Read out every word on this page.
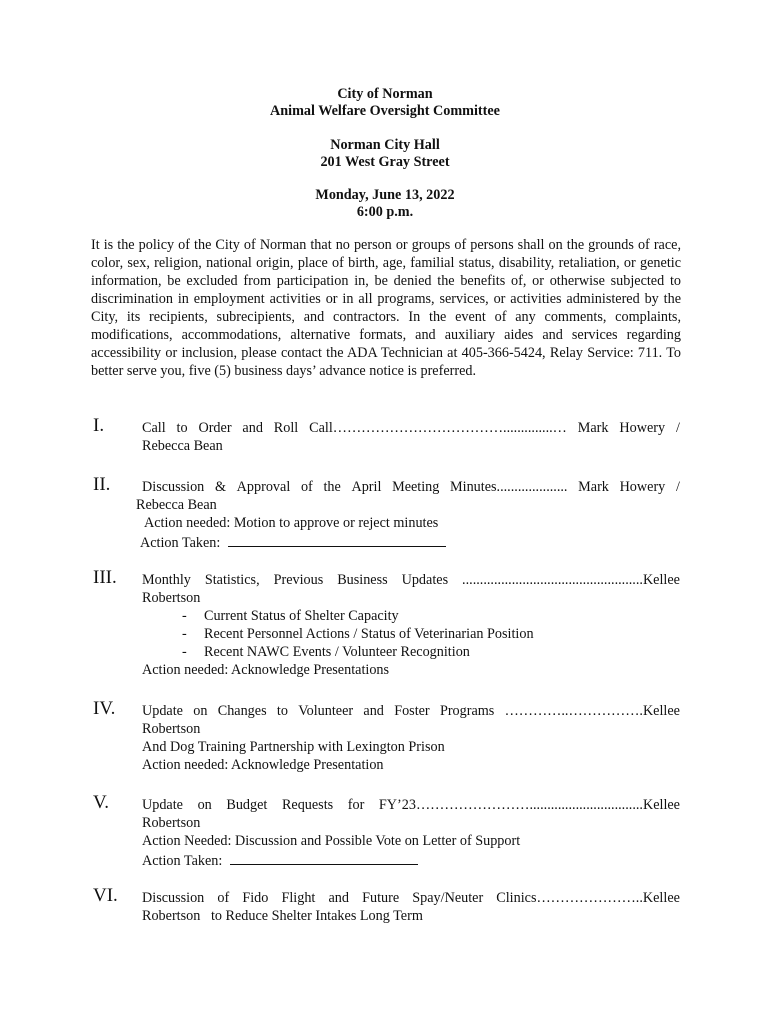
City of Norman
Animal Welfare Oversight Committee
Norman City Hall
201 West Gray Street
Monday, June 13, 2022
6:00 p.m.
It is the policy of the City of Norman that no person or groups of persons shall on the grounds of race, color, sex, religion, national origin, place of birth, age, familial status, disability, retaliation, or genetic information, be excluded from participation in, be denied the benefits of, or otherwise subjected to discrimination in employment activities or in all programs, services, or activities administered by the City, its recipients, subrecipients, and contractors. In the event of any comments, complaints, modifications, accommodations, alternative formats, and auxiliary aides and services regarding accessibility or inclusion, please contact the ADA Technician at 405-366-5424, Relay Service: 711. To better serve you, five (5) business days’ advance notice is preferred.
I.	Call to Order and Roll Call………………………………..............… Mark Howery /
Rebecca Bean
II. Discussion & Approval of the April Meeting Minutes.................... Mark Howery /
Rebecca Bean
Action needed: Motion to approve or reject minutes
Action Taken:
III. Monthly Statistics, Previous Business Updates ...................................................Kellee
Robertson
- Current Status of Shelter Capacity
- Recent Personnel Actions / Status of Veterinarian Position
- Recent NAWC Events / Volunteer Recognition
Action needed: Acknowledge Presentations
IV. Update on Changes to Volunteer and Foster Programs …………..…………….Kellee
Robertson
And Dog Training Partnership with Lexington Prison
Action needed: Acknowledge Presentation
V. Update on Budget Requests for FY’23……………………................................Kellee
Robertson
Action Needed: Discussion and Possible Vote on Letter of Support
Action Taken:
VI. Discussion of Fido Flight and Future Spay/Neuter Clinics…………………..Kellee
Robertson   to Reduce Shelter Intakes Long Term
